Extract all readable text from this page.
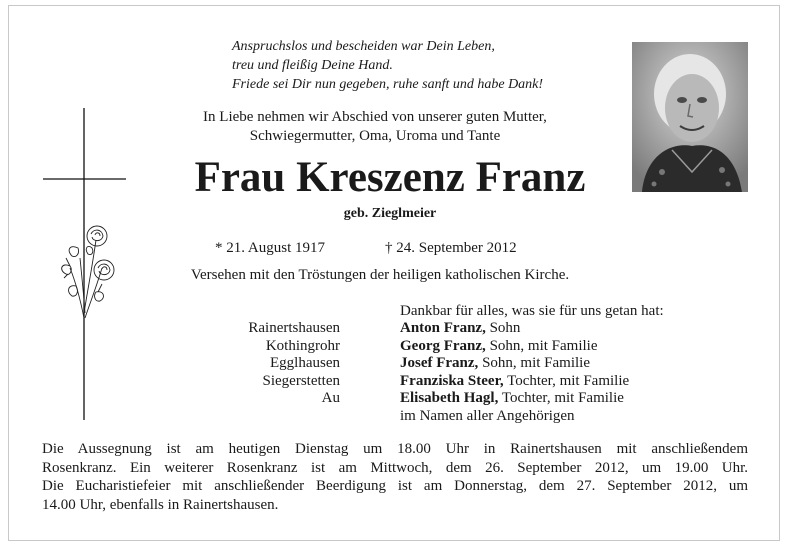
Anspruchslos und bescheiden war Dein Leben,
treu und fleißig Deine Hand.
Friede sei Dir nun gegeben, ruhe sanft und habe Dank!
In Liebe nehmen wir Abschied von unserer guten Mutter,
Schwiegermutter, Oma, Uroma und Tante
Frau Kreszenz Franz
geb. Zieglmeier
* 21. August 1917	† 24. September 2012
Versehen mit den Tröstungen der heiligen katholischen Kirche.
Dankbar für alles, was sie für uns getan hat:
Rainertshausen
Kothingrohr
Egglhausen
Siegerstetten
Au
Anton Franz, Sohn
Georg Franz, Sohn, mit Familie
Josef Franz, Sohn, mit Familie
Franziska Steer, Tochter, mit Familie
Elisabeth Hagl, Tochter, mit Familie
im Namen aller Angehörigen
Die Aussegnung ist am heutigen Dienstag um 18.00 Uhr in Rainertshausen mit anschließendem
Rosenkranz. Ein weiterer Rosenkranz ist am Mittwoch, dem 26. September 2012, um 19.00 Uhr.
Die Eucharistiefeier mit anschließender Beerdigung ist am Donnerstag, dem 27. September 2012, um
14.00 Uhr, ebenfalls in Rainertshausen.
